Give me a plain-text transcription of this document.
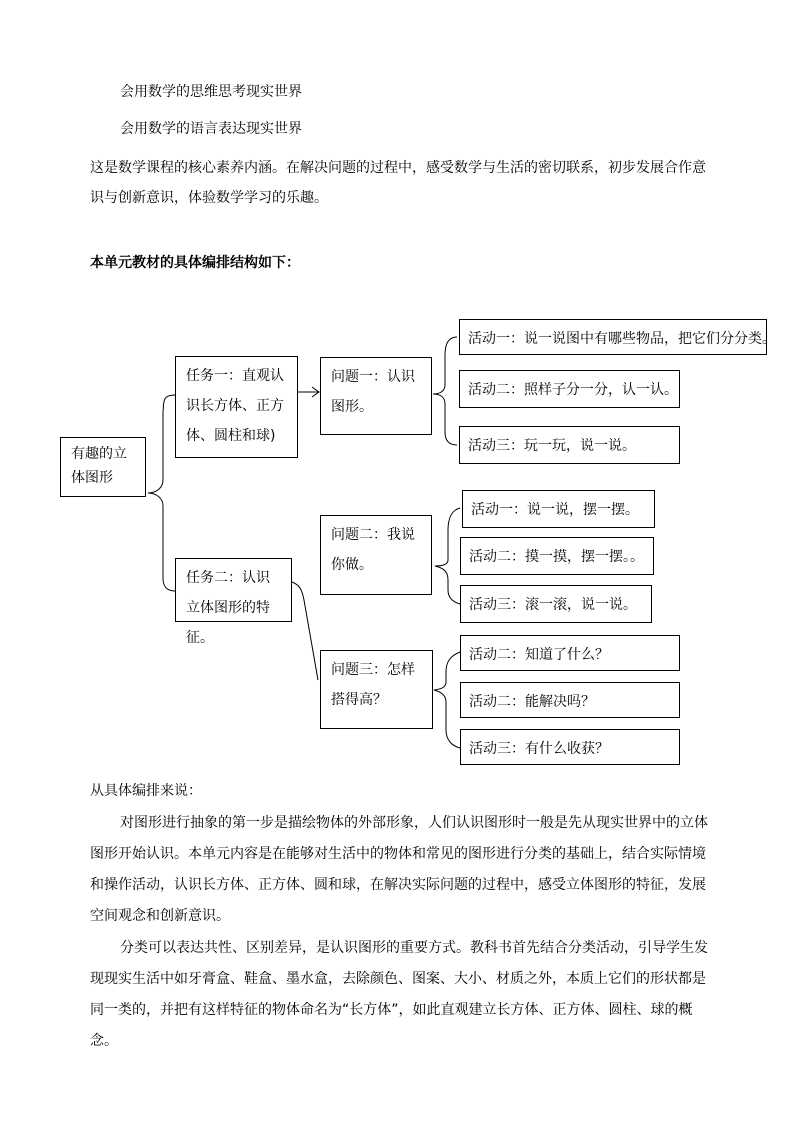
会用数学的思维思考现实世界
会用数学的语言表达现实世界
这是数学课程的核心素养内涵。在解决问题的过程中，感受数学与生活的密切联系，初步发展合作意
识与创新意识，体验数学学习的乐趣。
本单元教材的具体编排结构如下：
有趣的立体图形
任务一：直观认识长方体、正方体、圆柱和球)
任务二：认识立体图形的特征。
问题一：认识图形。
问题二：我说你做。
问题三：怎样搭得高？
活动一：说一说图中有哪些物品，把它们分分类。
活动二：照样子分一分，认一认。
活动三：玩一玩，说一说。
活动一：说一说，摆一摆。
活动二：摸一摸，摆一摆。。
活动三：滚一滚，说一说。
活动二：知道了什么？
活动二：能解决吗？
活动三：有什么收获？
从具体编排来说：
对图形进行抽象的第一步是描绘物体的外部形象，人们认识图形时一般是先从现实世界中的立体
图形开始认识。本单元内容是在能够对生活中的物体和常见的图形进行分类的基础上，结合实际情境
和操作活动，认识长方体、正方体、圆和球，在解决实际问题的过程中，感受立体图形的特征，发展
空间观念和创新意识。
分类可以表达共性、区别差异，是认识图形的重要方式。教科书首先结合分类活动，引导学生发
现现实生活中如牙膏盒、鞋盒、墨水盒，去除颜色、图案、大小、材质之外，本质上它们的形状都是
同一类的，并把有这样特征的物体命名为“长方体”，如此直观建立长方体、正方体、圆柱、球的概
念。
